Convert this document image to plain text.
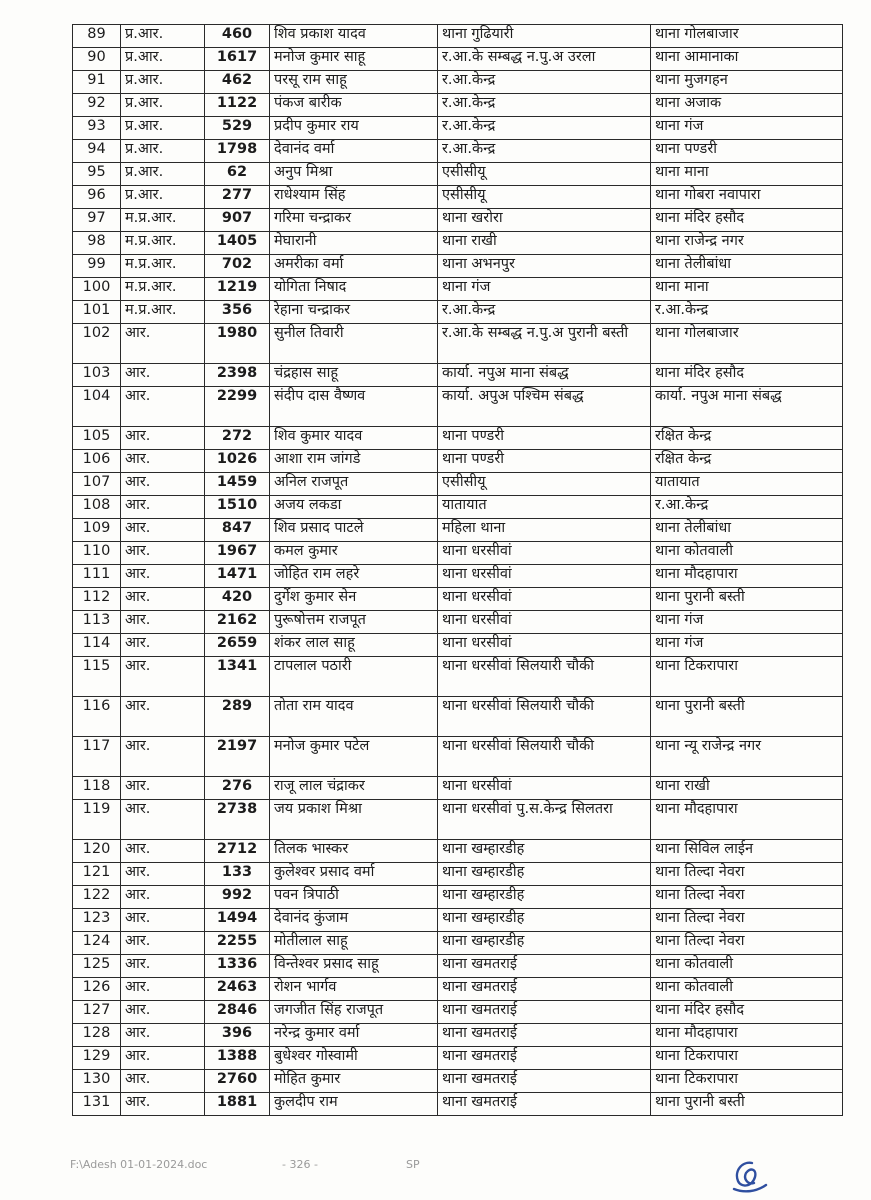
89	प्र.आर.	460	शिव प्रकाश यादव	थाना गुढियारी	थाना गोलबाजार
90	प्र.आर.	1617	मनोज कुमार साहू	र.आ.के सम्बद्ध न.पु.अ उरला	थाना आमानाका
91	प्र.आर.	462	परसू राम साहू	र.आ.केन्द्र	थाना मुजगहन
92	प्र.आर.	1122	पंकज बारीक	र.आ.केन्द्र	थाना अजाक
93	प्र.आर.	529	प्रदीप कुमार राय	र.आ.केन्द्र	थाना गंज
94	प्र.आर.	1798	देवानंद वर्मा	र.आ.केन्द्र	थाना पण्डरी
95	प्र.आर.	62	अनुप मिश्रा	एसीसीयू	थाना माना
96	प्र.आर.	277	राधेश्याम सिंह	एसीसीयू	थाना गोबरा नवापारा
97	म.प्र.आर.	907	गरिमा चन्द्राकर	थाना खरोरा	थाना मंदिर हसौद
98	म.प्र.आर.	1405	मेघारानी	थाना राखी	थाना राजेन्द्र नगर
99	म.प्र.आर.	702	अमरीका वर्मा	थाना अभनपुर	थाना तेलीबांधा
100	म.प्र.आर.	1219	योगिता निषाद	थाना गंज	थाना माना
101	म.प्र.आर.	356	रेहाना चन्द्राकर	र.आ.केन्द्र	र.आ.केन्द्र
102	आर.	1980	सुनील तिवारी	र.आ.के सम्बद्ध न.पु.अ पुरानी बस्ती	थाना गोलबाजार
103	आर.	2398	चंद्रहास साहू	कार्या. नपुअ माना संबद्ध	थाना मंदिर हसौद
104	आर.	2299	संदीप दास वैष्णव	कार्या. अपुअ पश्चिम संबद्ध	कार्या. नपुअ माना संबद्ध
105	आर.	272	शिव कुमार यादव	थाना पण्डरी	रक्षित केन्द्र
106	आर.	1026	आशा राम जांगडे	थाना पण्डरी	रक्षित केन्द्र
107	आर.	1459	अनिल राजपूत	एसीसीयू	यातायात
108	आर.	1510	अजय लकडा	यातायात	र.आ.केन्द्र
109	आर.	847	शिव प्रसाद पाटले	महिला थाना	थाना तेलीबांधा
110	आर.	1967	कमल कुमार	थाना धरसीवां	थाना कोतवाली
111	आर.	1471	जोहित राम लहरे	थाना धरसीवां	थाना मौदहापारा
112	आर.	420	दुर्गेश कुमार सेन	थाना धरसीवां	थाना पुरानी बस्ती
113	आर.	2162	पुरूषोत्तम राजपूत	थाना धरसीवां	थाना गंज
114	आर.	2659	शंकर लाल साहू	थाना धरसीवां	थाना गंज
115	आर.	1341	टापलाल पठारी	थाना धरसीवां सिलयारी चौकी	थाना टिकरापारा
116	आर.	289	तोता राम यादव	थाना धरसीवां सिलयारी चौकी	थाना पुरानी बस्ती
117	आर.	2197	मनोज कुमार पटेल	थाना धरसीवां सिलयारी चौकी	थाना न्यू राजेन्द्र नगर
118	आर.	276	राजू लाल चंद्राकर	थाना धरसीवां	थाना राखी
119	आर.	2738	जय प्रकाश मिश्रा	थाना धरसीवां पु.स.केन्द्र सिलतरा	थाना मौदहापारा
120	आर.	2712	तिलक भास्कर	थाना खम्हारडीह	थाना सिविल लाईन
121	आर.	133	कुलेश्वर प्रसाद वर्मा	थाना खम्हारडीह	थाना तिल्दा नेवरा
122	आर.	992	पवन त्रिपाठी	थाना खम्हारडीह	थाना तिल्दा नेवरा
123	आर.	1494	देवानंद कुंजाम	थाना खम्हारडीह	थाना तिल्दा नेवरा
124	आर.	2255	मोतीलाल साहू	थाना खम्हारडीह	थाना तिल्दा नेवरा
125	आर.	1336	विन्तेश्वर प्रसाद साहू	थाना खमतराई	थाना कोतवाली
126	आर.	2463	रोशन भार्गव	थाना खमतराई	थाना कोतवाली
127	आर.	2846	जगजीत सिंह राजपूत	थाना खमतराई	थाना मंदिर हसौद
128	आर.	396	नरेन्द्र कुमार वर्मा	थाना खमतराई	थाना मौदहापारा
129	आर.	1388	बुधेश्वर गोस्वामी	थाना खमतराई	थाना टिकरापारा
130	आर.	2760	मोहित कुमार	थाना खमतराई	थाना टिकरापारा
131	आर.	1881	कुलदीप राम	थाना खमतराई	थाना पुरानी बस्ती
F:\Adesh 01-01-2024.doc	- 326 -	SP
